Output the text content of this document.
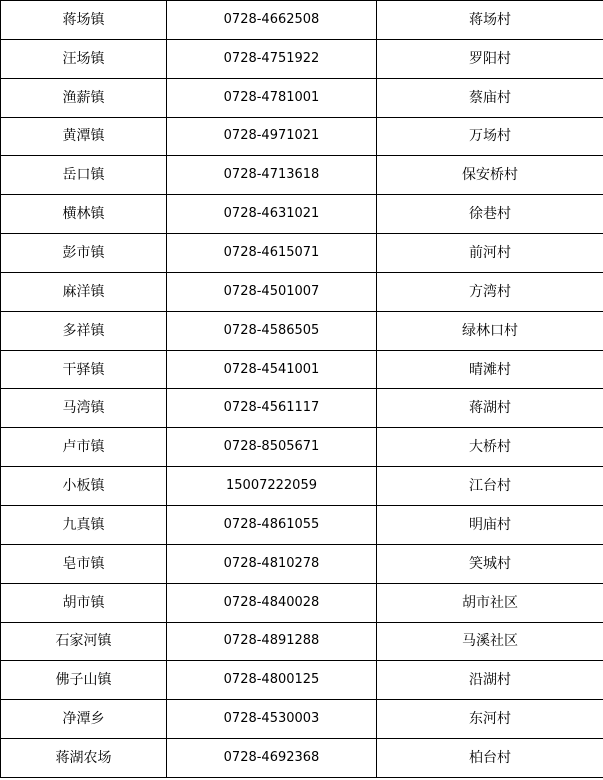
蒋场镇	0728-4662508	蒋场村
汪场镇	0728-4751922	罗阳村
渔薪镇	0728-4781001	蔡庙村
黄潭镇	0728-4971021	万场村
岳口镇	0728-4713618	保安桥村
横林镇	0728-4631021	徐巷村
彭市镇	0728-4615071	前河村
麻洋镇	0728-4501007	方湾村
多祥镇	0728-4586505	绿林口村
干驿镇	0728-4541001	晴滩村
马湾镇	0728-4561117	蒋湖村
卢市镇	0728-8505671	大桥村
小板镇	15007222059	江台村
九真镇	0728-4861055	明庙村
皂市镇	0728-4810278	笑城村
胡市镇	0728-4840028	胡市社区
石家河镇	0728-4891288	马溪社区
佛子山镇	0728-4800125	沿湖村
净潭乡	0728-4530003	东河村
蒋湖农场	0728-4692368	柏台村
